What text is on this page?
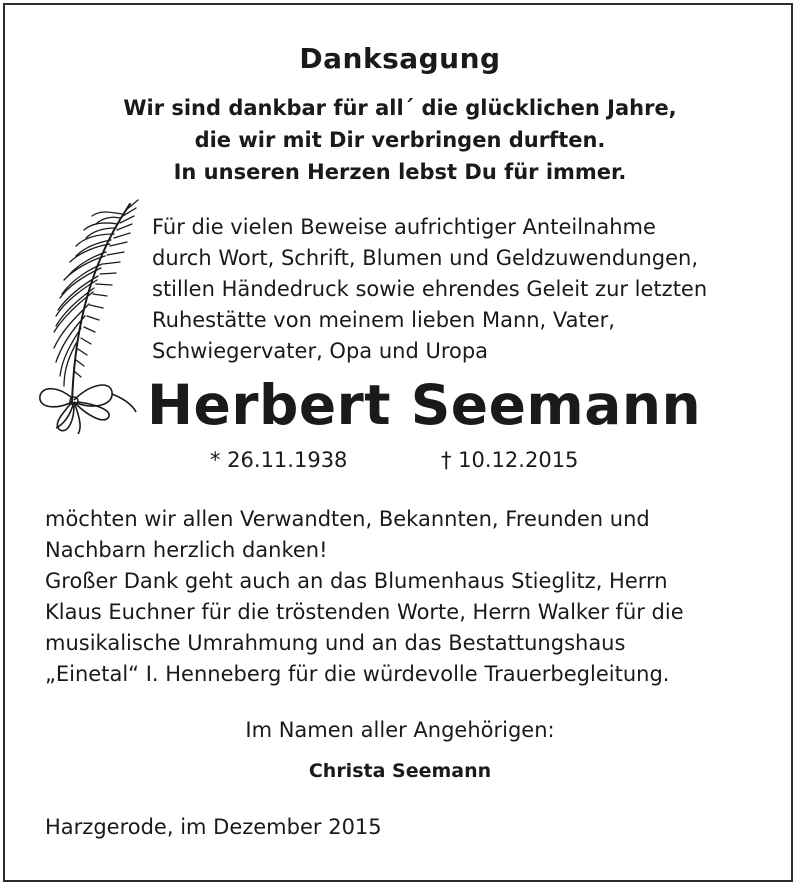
Danksagung
Wir sind dankbar für all´ die glücklichen Jahre,
die wir mit Dir verbringen durften.
In unseren Herzen lebst Du für immer.
Für die vielen Beweise aufrichtiger Anteilnahme
durch Wort, Schrift, Blumen und Geldzuwendungen,
stillen Händedruck sowie ehrendes Geleit zur letzten
Ruhestätte von meinem lieben Mann, Vater,
Schwiegervater, Opa und Uropa
Herbert Seemann
* 26.11.1938	† 10.12.2015
möchten wir allen Verwandten, Bekannten, Freunden und
Nachbarn herzlich danken!
Großer Dank geht auch an das Blumenhaus Stieglitz, Herrn
Klaus Euchner für die tröstenden Worte, Herrn Walker für die
musikalische Umrahmung und an das Bestattungshaus
„Einetal“ I. Henneberg für die würdevolle Trauerbegleitung.
Im Namen aller Angehörigen:
Christa Seemann
Harzgerode, im Dezember 2015
